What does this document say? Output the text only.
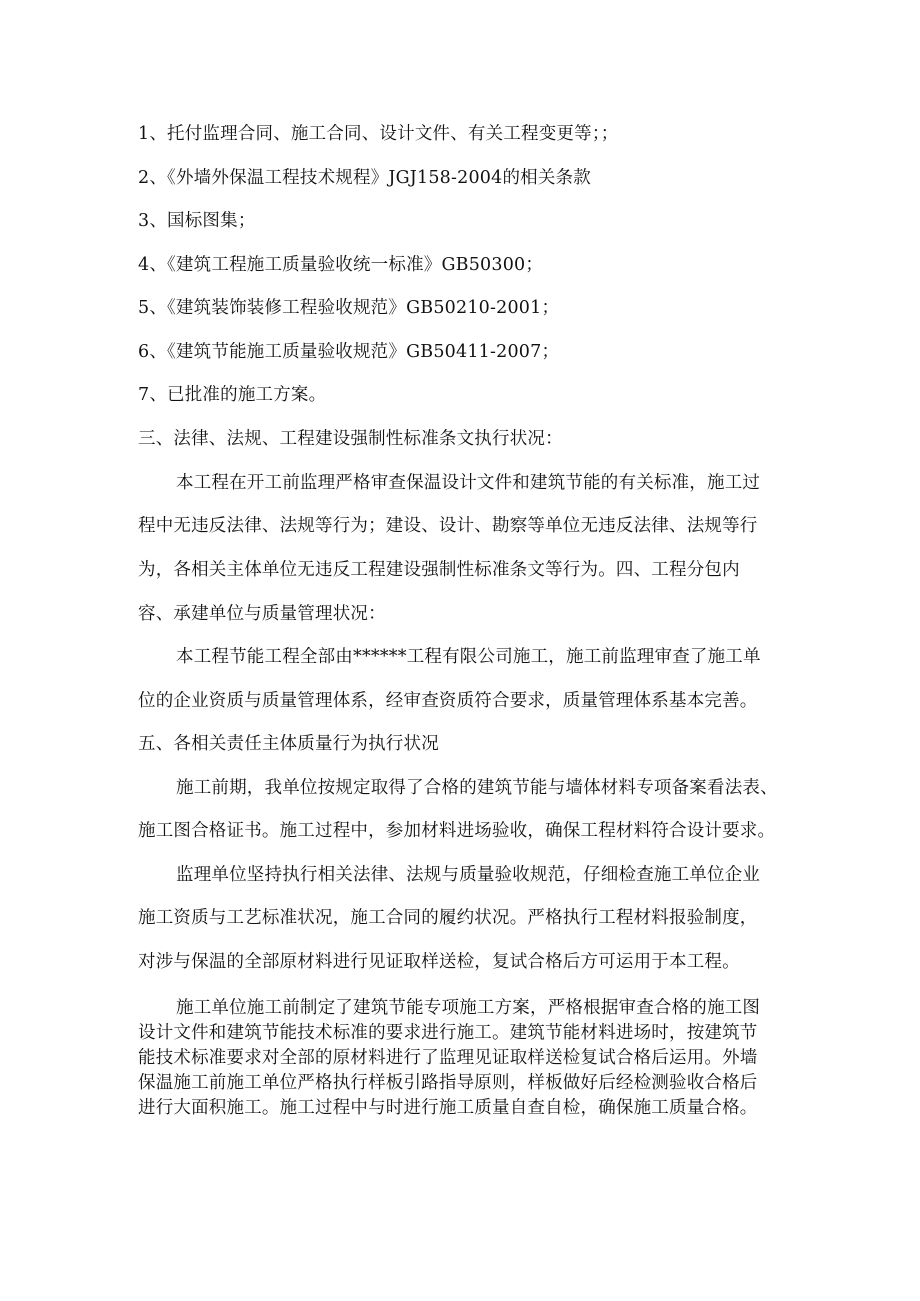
1、托付监理合同、施工合同、设计文件、有关工程变更等；；
2、《外墙外保温工程技术规程》JGJ158-2004的相关条款
3、国标图集；
4、《建筑工程施工质量验收统一标准》GB50300；
5、《建筑装饰装修工程验收规范》GB50210-2001；
6、《建筑节能施工质量验收规范》GB50411-2007；
7、已批准的施工方案。
三、法律、法规、工程建设强制性标准条文执行状况：
本工程在开工前监理严格审查保温设计文件和建筑节能的有关标准，施工过
程中无违反法律、法规等行为；建设、设计、勘察等单位无违反法律、法规等行
为，各相关主体单位无违反工程建设强制性标准条文等行为。四、工程分包内
容、承建单位与质量管理状况：
本工程节能工程全部由******工程有限公司施工，施工前监理审查了施工单
位的企业资质与质量管理体系，经审查资质符合要求，质量管理体系基本完善。
五、各相关责任主体质量行为执行状况
施工前期，我单位按规定取得了合格的建筑节能与墙体材料专项备案看法表、
施工图合格证书。施工过程中，参加材料进场验收，确保工程材料符合设计要求。
监理单位坚持执行相关法律、法规与质量验收规范，仔细检查施工单位企业
施工资质与工艺标准状况，施工合同的履约状况。严格执行工程材料报验制度，
对涉与保温的全部原材料进行见证取样送检，复试合格后方可运用于本工程。
施工单位施工前制定了建筑节能专项施工方案，严格根据审查合格的施工图
设计文件和建筑节能技术标准的要求进行施工。建筑节能材料进场时，按建筑节
能技术标准要求对全部的原材料进行了监理见证取样送检复试合格后运用。外墙
保温施工前施工单位严格执行样板引路指导原则，样板做好后经检测验收合格后
进行大面积施工。施工过程中与时进行施工质量自查自检，确保施工质量合格。
